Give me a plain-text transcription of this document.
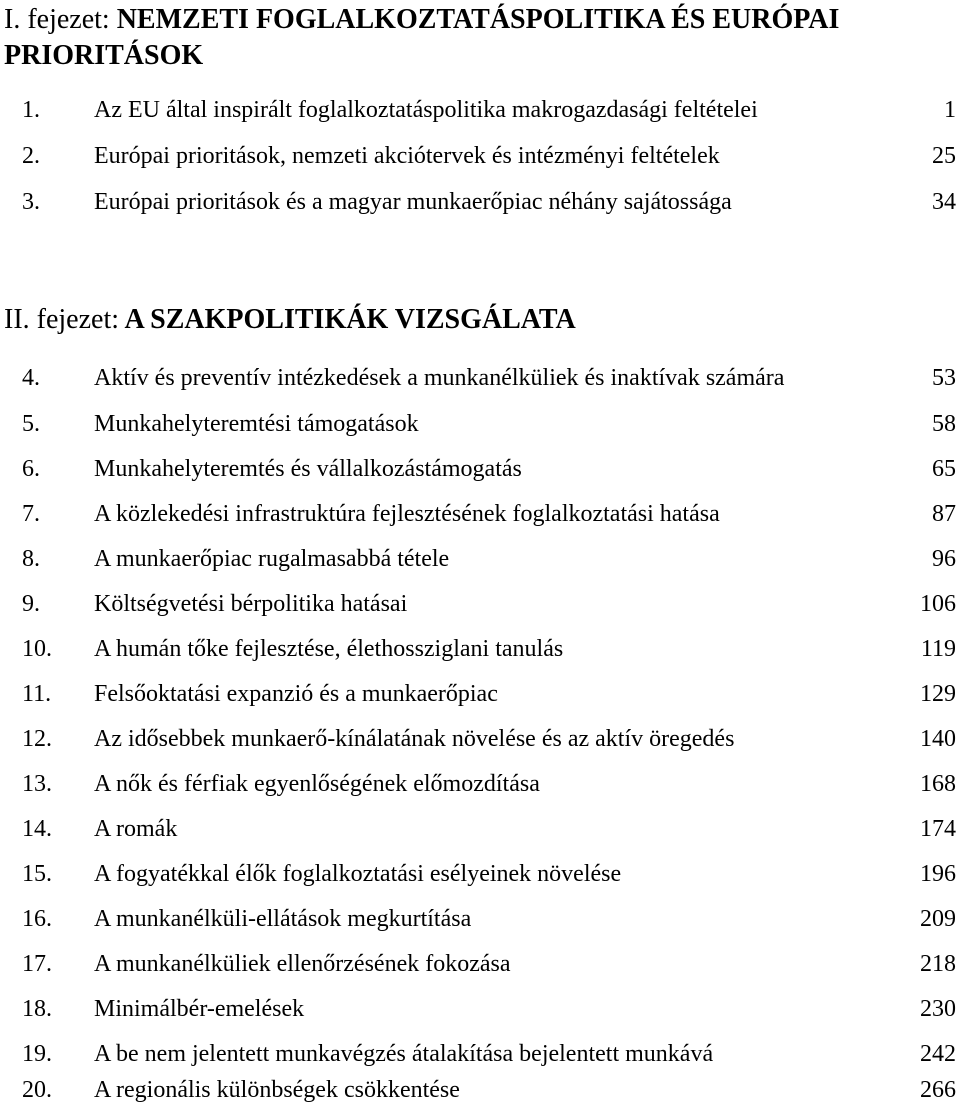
I. fejezet: NEMZETI FOGLALKOZTATÁSPOLITIKA ÉS EURÓPAI PRIORITÁSOK
1. Az EU által inspirált foglalkoztatáspolitika makrogazdasági feltételei	1
2. Európai prioritások, nemzeti akciótervek és intézményi feltételek	25
3. Európai prioritások és a magyar munkaerőpiac néhány sajátossága	34
II. fejezet: A SZAKPOLITIKÁK VIZSGÁLATA
4. Aktív és preventív intézkedések a munkanélküliek és inaktívak számára	53
5. Munkahelyteremtési támogatások	58
6. Munkahelyteremtés és vállalkozástámogatás	65
7. A közlekedési infrastruktúra fejlesztésének foglalkoztatási hatása	87
8. A munkaerőpiac rugalmasabbá tétele	96
9. Költségvetési bérpolitika hatásai	106
10. A humán tőke fejlesztése, élethossziglani tanulás	119
11. Felsőoktatási expanzió és a munkaerőpiac	129
12. Az idősebbek munkaerő-kínálatának növelése és az aktív öregedés	140
13. A nők és férfiak egyenlőségének előmozdítása	168
14. A romák	174
15. A fogyatékkal élők foglalkoztatási esélyeinek növelése	196
16. A munkanélküli-ellátások megkurtítása	209
17. A munkanélküliek ellenőrzésének fokozása	218
18. Minimálbér-emelések	230
19. A be nem jelentett munkavégzés átalakítása bejelentett munkává	242
20. A regionális különbségek csökkentése	266
